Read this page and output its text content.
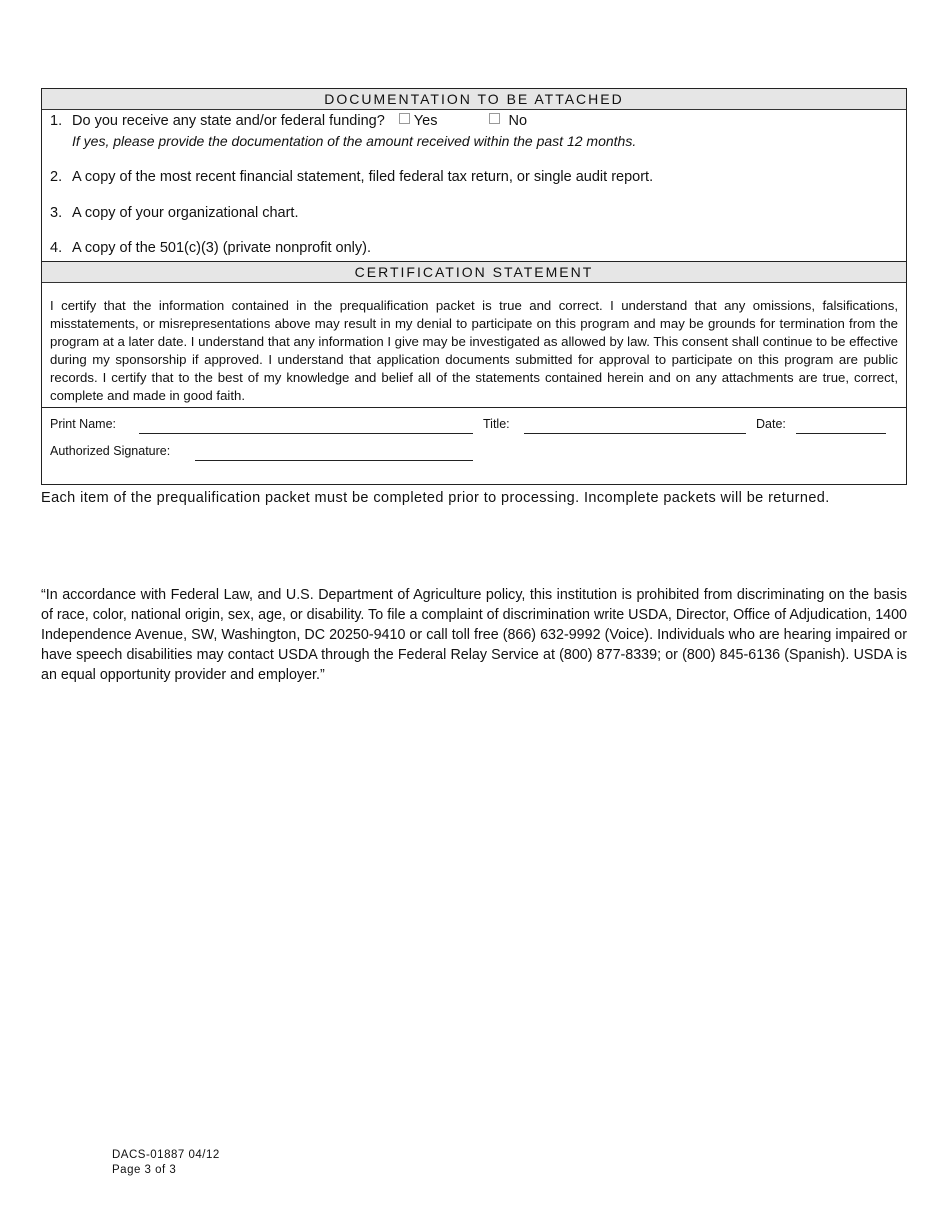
DOCUMENTATION TO BE ATTACHED
1. Do you receive any state and/or federal funding? Yes	No
If yes, please provide the documentation of the amount received within the past 12 months.
2. A copy of the most recent financial statement, filed federal tax return, or single audit report.
3. A copy of your organizational chart.
4. A copy of the 501(c)(3) (private nonprofit only).
CERTIFICATION STATEMENT
I certify that the information contained in the prequalification packet is true and correct. I understand that any omissions, falsifications, misstatements, or misrepresentations above may result in my denial to participate on this program and may be grounds for termination from the program at a later date. I understand that any information I give may be investigated as allowed by law. This consent shall continue to be effective during my sponsorship if approved. I understand that application documents submitted for approval to participate on this program are public records. I certify that to the best of my knowledge and belief all of the statements contained herein and on any attachments are true, correct, complete and made in good faith.
Print Name:	Title:	Date:
Authorized Signature:
Each item of the prequalification packet must be completed prior to processing. Incomplete packets will be returned.
“In accordance with Federal Law, and U.S. Department of Agriculture policy, this institution is prohibited from discriminating on the basis of race, color, national origin, sex, age, or disability. To file a complaint of discrimination write USDA, Director, Office of Adjudication, 1400 Independence Avenue, SW, Washington, DC 20250-9410 or call toll free (866) 632-9992 (Voice). Individuals who are hearing impaired or have speech disabilities may contact USDA through the Federal Relay Service at (800) 877-8339; or (800) 845-6136 (Spanish). USDA is an equal opportunity provider and employer.”
DACS-01887 04/12
Page 3 of 3
